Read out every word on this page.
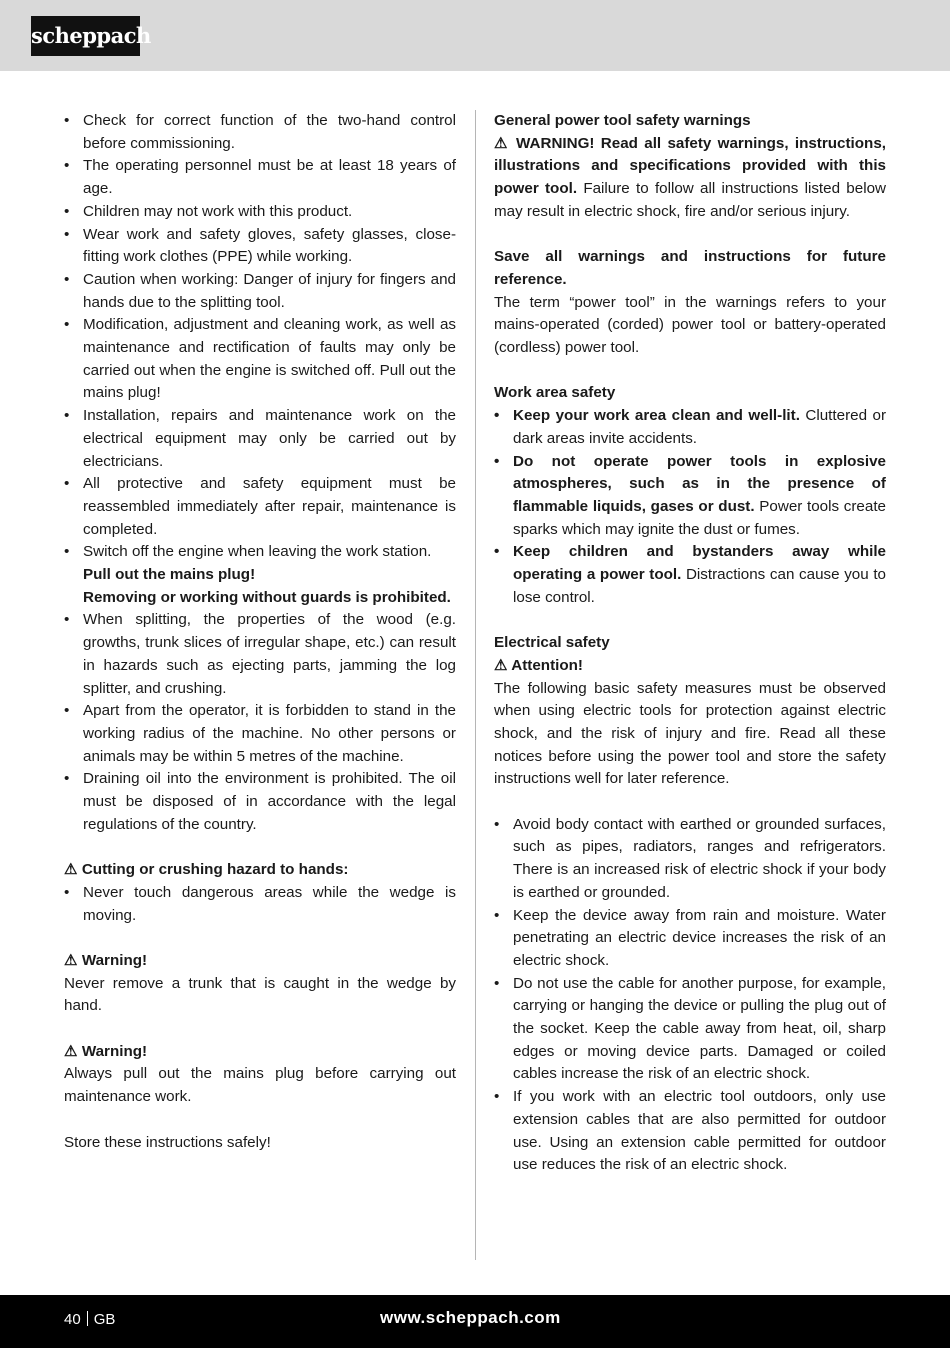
scheppach
• Check for correct function of the two-hand control before commissioning.
• The operating personnel must be at least 18 years of age.
• Children may not work with this product.
• Wear work and safety gloves, safety glasses, close-fitting work clothes (PPE) while working.
• Caution when working: Danger of injury for fingers and hands due to the splitting tool.
• Modification, adjustment and cleaning work, as well as maintenance and rectification of faults may only be carried out when the engine is switched off. Pull out the mains plug!
• Installation, repairs and maintenance work on the electrical equipment may only be carried out by electricians.
• All protective and safety equipment must be reassembled immediately after repair, maintenance is completed.
• Switch off the engine when leaving the work station.
Pull out the mains plug!
Removing or working without guards is prohibited.
• When splitting, the properties of the wood (e.g. growths, trunk slices of irregular shape, etc.) can result in hazards such as ejecting parts, jamming the log splitter, and crushing.
• Apart from the operator, it is forbidden to stand in the working radius of the machine. No other persons or animals may be within 5 metres of the machine.
• Draining oil into the environment is prohibited. The oil must be disposed of in accordance with the legal regulations of the country.

⚠ Cutting or crushing hazard to hands:

• Never touch dangerous areas while the wedge is moving.

⚠ Warning!

Never remove a trunk that is caught in the wedge by hand.

⚠ Warning!

Always pull out the mains plug before carrying out maintenance work.

Store these instructions safely!

General power tool safety warnings

⚠ WARNING! Read all safety warnings, instructions, illustrations and specifications provided with this power tool. Failure to follow all instructions listed below may result in electric shock, fire and/or serious injury.

Save all warnings and instructions for future reference.

The term “power tool” in the warnings refers to your mains-operated (corded) power tool or battery-operated (cordless) power tool.

Work area safety

• Keep your work area clean and well-lit. Cluttered or dark areas invite accidents.
• Do not operate power tools in explosive atmospheres, such as in the presence of flammable liquids, gases or dust. Power tools create sparks which may ignite the dust or fumes.
• Keep children and bystanders away while operating a power tool. Distractions can cause you to lose control.

Electrical safety

⚠ Attention!

The following basic safety measures must be observed when using electric tools for protection against electric shock, and the risk of injury and fire. Read all these notices before using the power tool and store the safety instructions well for later reference.

• Avoid body contact with earthed or grounded surfaces, such as pipes, radiators, ranges and refrigerators. There is an increased risk of electric shock if your body is earthed or grounded.
• Keep the device away from rain and moisture. Water penetrating an electric device increases the risk of an electric shock.
• Do not use the cable for another purpose, for example, carrying or hanging the device or pulling the plug out of the socket. Keep the cable away from heat, oil, sharp edges or moving device parts. Damaged or coiled cables increase the risk of an electric shock.
• If you work with an electric tool outdoors, only use extension cables that are also permitted for outdoor use. Using an extension cable permitted for outdoor use reduces the risk of an electric shock.
40 GB	www.scheppach.com
